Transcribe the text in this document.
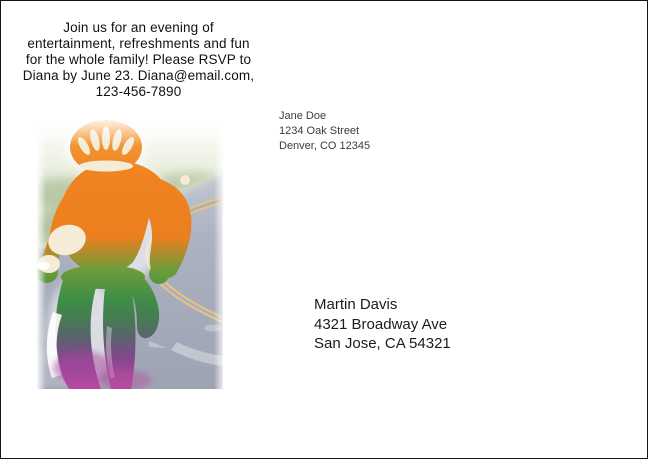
Join us for an evening of
entertainment, refreshments and fun
for the whole family! Please RSVP to
Diana by June 23. Diana@email.com,
123-456-7890
Jane Doe
1234 Oak Street
Denver, CO 12345
Martin Davis
4321 Broadway Ave
San Jose, CA 54321
